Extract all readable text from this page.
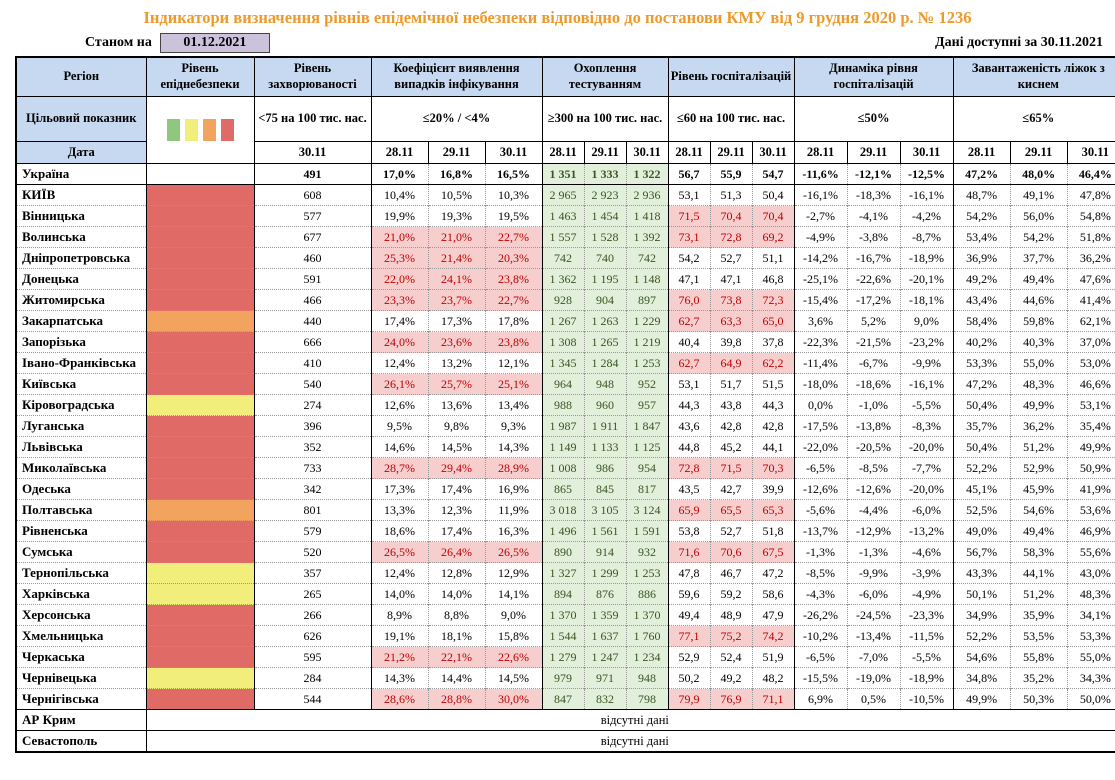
Індикатори визначення рівнів епідемічної небезпеки відповідно до постанови КМУ від 9 грудня 2020 р. № 1236
Станом на	01.12.2021	Дані доступні за 30.11.2021
Регіон	Рівень епіднебезпеки	Рівень захворюваності	Коефіцієнт виявлення випадків інфікування			Охоплення тестуванням			Рівень госпіталізацій			Динаміка рівня госпіталізацій			Завантаженість ліжок з киснем		
Цільовий показник		<75 на 100 тис. нас.	≤20% / <4%			≥300 на 100 тис. нас.			≤60 на 100 тис. нас.			≤50%			≤65%		
Дата		30.11	28.11	29.11	30.11	28.11	29.11	30.11	28.11	29.11	30.11	28.11	29.11	30.11	28.11	29.11	30.11
Україна		491	17,0%	16,8%	16,5%	1 351	1 333	1 322	56,7	55,9	54,7	-11,6%	-12,1%	-12,5%	47,2%	48,0%	46,4%
КИЇВ		608	10,4%	10,5%	10,3%	2 965	2 923	2 936	53,1	51,3	50,4	-16,1%	-18,3%	-16,1%	48,7%	49,1%	47,8%
Вінницька		577	19,9%	19,3%	19,5%	1 463	1 454	1 418	71,5	70,4	70,4	-2,7%	-4,1%	-4,2%	54,2%	56,0%	54,8%
Волинська		677	21,0%	21,0%	22,7%	1 557	1 528	1 392	73,1	72,8	69,2	-4,9%	-3,8%	-8,7%	53,4%	54,2%	51,8%
Дніпропетровська		460	25,3%	21,4%	20,3%	742	740	742	54,2	52,7	51,1	-14,2%	-16,7%	-18,9%	36,9%	37,7%	36,2%
Донецька		591	22,0%	24,1%	23,8%	1 362	1 195	1 148	47,1	47,1	46,8	-25,1%	-22,6%	-20,1%	49,2%	49,4%	47,6%
Житомирська		466	23,3%	23,7%	22,7%	928	904	897	76,0	73,8	72,3	-15,4%	-17,2%	-18,1%	43,4%	44,6%	41,4%
Закарпатська		440	17,4%	17,3%	17,8%	1 267	1 263	1 229	62,7	63,3	65,0	3,6%	5,2%	9,0%	58,4%	59,8%	62,1%
Запорізька		666	24,0%	23,6%	23,8%	1 308	1 265	1 219	40,4	39,8	37,8	-22,3%	-21,5%	-23,2%	40,2%	40,3%	37,0%
Івано-Франківська		410	12,4%	13,2%	12,1%	1 345	1 284	1 253	62,7	64,9	62,2	-11,4%	-6,7%	-9,9%	53,3%	55,0%	53,0%
Київська		540	26,1%	25,7%	25,1%	964	948	952	53,1	51,7	51,5	-18,0%	-18,6%	-16,1%	47,2%	48,3%	46,6%
Кіровоградська		274	12,6%	13,6%	13,4%	988	960	957	44,3	43,8	44,3	0,0%	-1,0%	-5,5%	50,4%	49,9%	53,1%
Луганська		396	9,5%	9,8%	9,3%	1 987	1 911	1 847	43,6	42,8	42,8	-17,5%	-13,8%	-8,3%	35,7%	36,2%	35,4%
Львівська		352	14,6%	14,5%	14,3%	1 149	1 133	1 125	44,8	45,2	44,1	-22,0%	-20,5%	-20,0%	50,4%	51,2%	49,9%
Миколаївська		733	28,7%	29,4%	28,9%	1 008	986	954	72,8	71,5	70,3	-6,5%	-8,5%	-7,7%	52,2%	52,9%	50,9%
Одеська		342	17,3%	17,4%	16,9%	865	845	817	43,5	42,7	39,9	-12,6%	-12,6%	-20,0%	45,1%	45,9%	41,9%
Полтавська		801	13,3%	12,3%	11,9%	3 018	3 105	3 124	65,9	65,5	65,3	-5,6%	-4,4%	-6,0%	52,5%	54,6%	53,6%
Рівненська		579	18,6%	17,4%	16,3%	1 496	1 561	1 591	53,8	52,7	51,8	-13,7%	-12,9%	-13,2%	49,0%	49,4%	46,9%
Сумська		520	26,5%	26,4%	26,5%	890	914	932	71,6	70,6	67,5	-1,3%	-1,3%	-4,6%	56,7%	58,3%	55,6%
Тернопільська		357	12,4%	12,8%	12,9%	1 327	1 299	1 253	47,8	46,7	47,2	-8,5%	-9,9%	-3,9%	43,3%	44,1%	43,0%
Харківська		265	14,0%	14,0%	14,1%	894	876	886	59,6	59,2	58,6	-4,3%	-6,0%	-4,9%	50,1%	51,2%	48,3%
Херсонська		266	8,9%	8,8%	9,0%	1 370	1 359	1 370	49,4	48,9	47,9	-26,2%	-24,5%	-23,3%	34,9%	35,9%	34,1%
Хмельницька		626	19,1%	18,1%	15,8%	1 544	1 637	1 760	77,1	75,2	74,2	-10,2%	-13,4%	-11,5%	52,2%	53,5%	53,3%
Черкаська		595	21,2%	22,1%	22,6%	1 279	1 247	1 234	52,9	52,4	51,9	-6,5%	-7,0%	-5,5%	54,6%	55,8%	55,0%
Чернівецька		284	14,3%	14,4%	14,5%	979	971	948	50,2	49,2	48,2	-15,5%	-19,0%	-18,9%	34,8%	35,2%	34,3%
Чернігівська		544	28,6%	28,8%	30,0%	847	832	798	79,9	76,9	71,1	6,9%	0,5%	-10,5%	49,9%	50,3%	50,0%
АР Крим	відсутні дані																
Севастополь	відсутні дані																
